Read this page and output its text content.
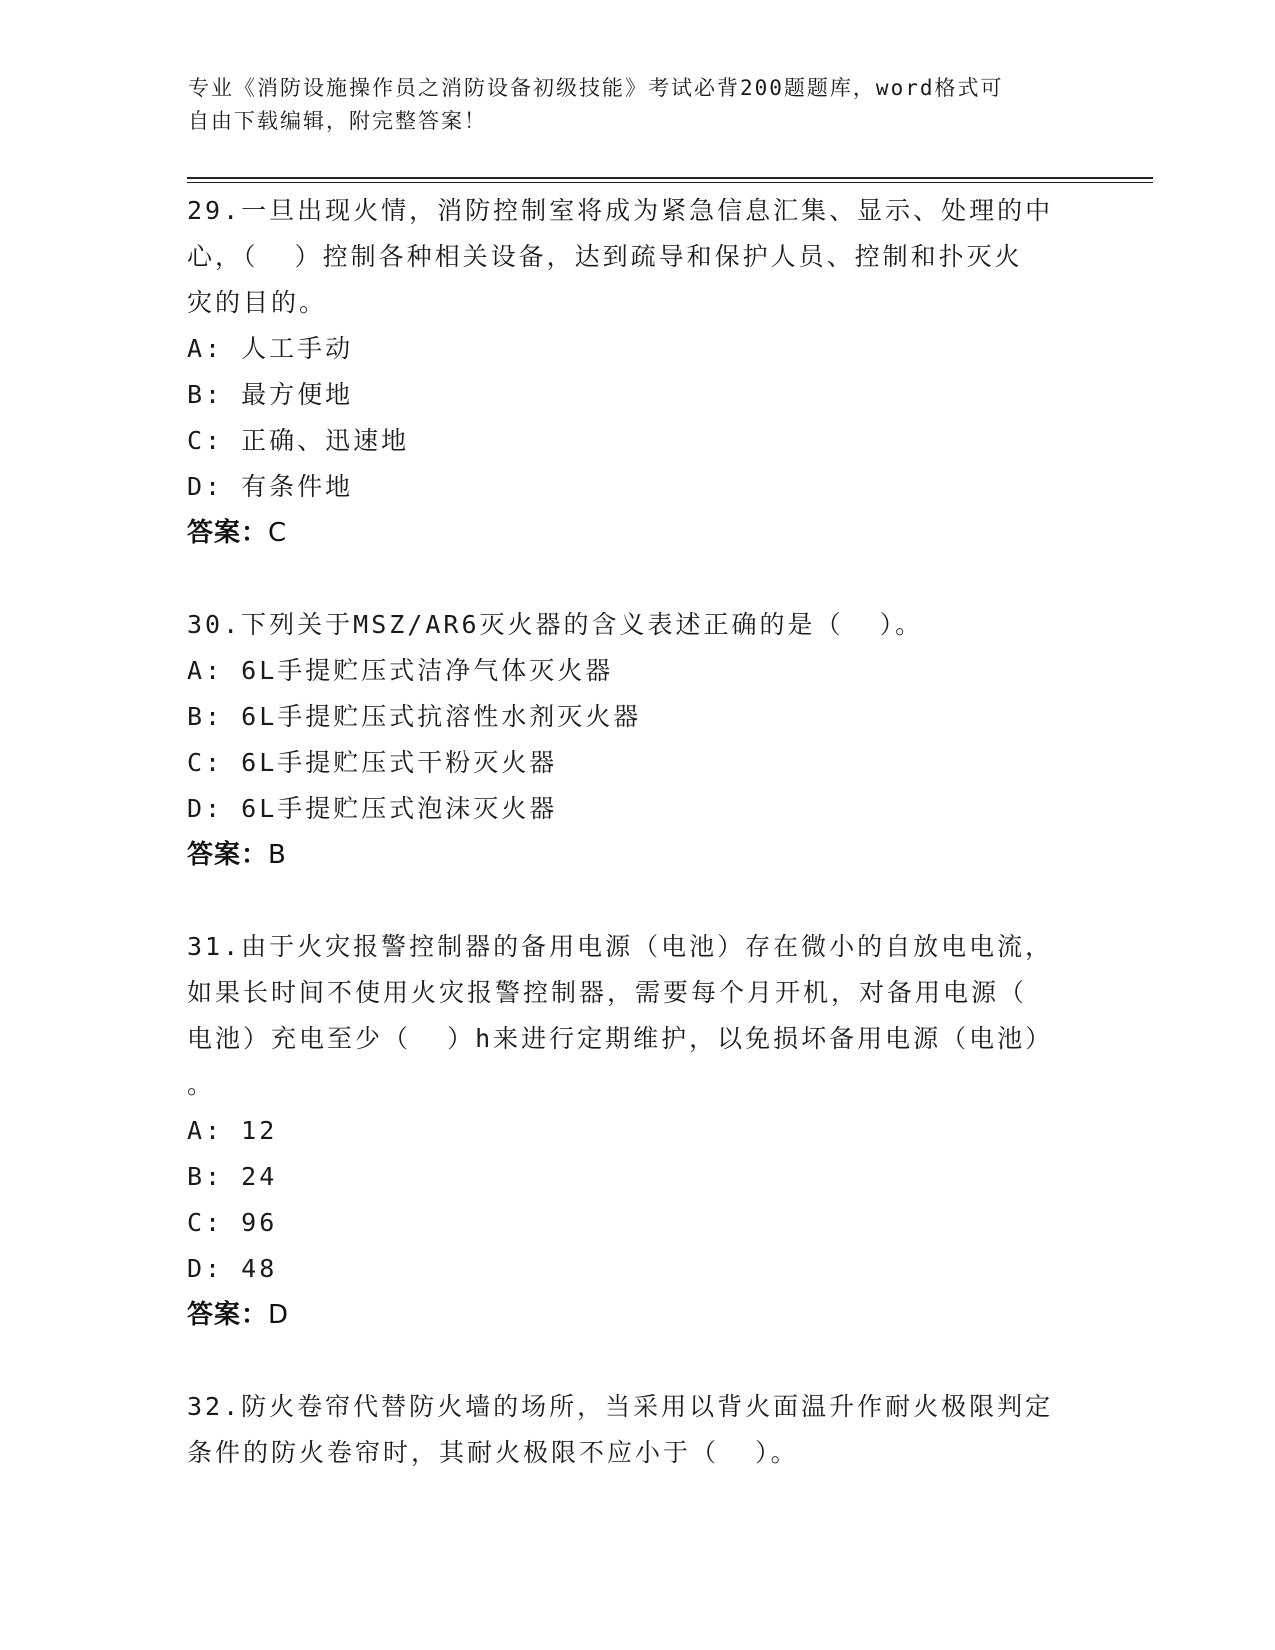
专业《消防设施操作员之消防设备初级技能》考试必背200题题库，word格式可
自由下载编辑，附完整答案！
29.一旦出现火情，消防控制室将成为紧急信息汇集、显示、处理的中
心，（  ）控制各种相关设备，达到疏导和保护人员、控制和扑灭火
灾的目的。
A: 人工手动
B: 最方便地
C: 正确、迅速地
D: 有条件地
答案：C
30.下列关于MSZ/AR6灭火器的含义表述正确的是（  ）。
A: 6L手提贮压式洁净气体灭火器
B: 6L手提贮压式抗溶性水剂灭火器
C: 6L手提贮压式干粉灭火器
D: 6L手提贮压式泡沫灭火器
答案：B
31.由于火灾报警控制器的备用电源（电池）存在微小的自放电电流，
如果长时间不使用火灾报警控制器，需要每个月开机，对备用电源（
电池）充电至少（  ）h来进行定期维护，以免损坏备用电源（电池）
。
A: 12
B: 24
C: 96
D: 48
答案：D
32.防火卷帘代替防火墙的场所，当采用以背火面温升作耐火极限判定
条件的防火卷帘时，其耐火极限不应小于（  ）。
